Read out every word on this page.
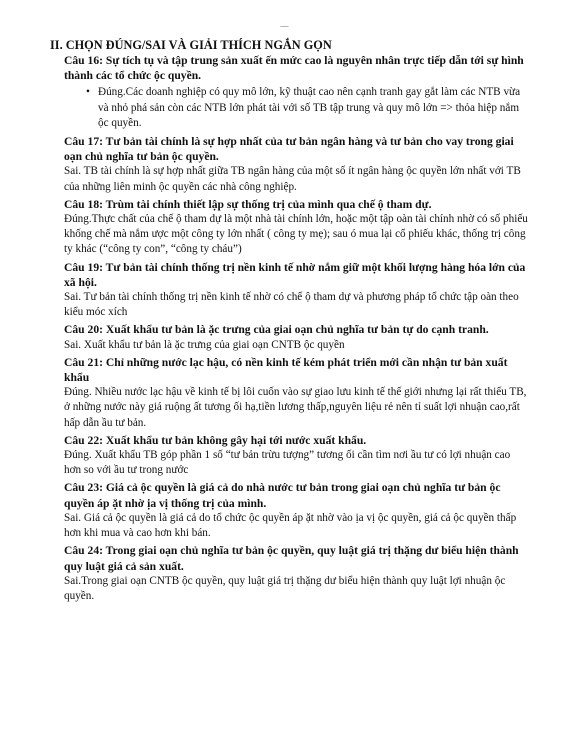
—
II. CHỌN ĐÚNG/SAI VÀ GIẢI THÍCH NGẮN GỌN

Câu 16: Sự tích tụ và tập trung sản xuất ến mức cao là nguyên nhân trực tiếp dẫn tới sự hình thành các tổ chức ộc quyền.

• Đúng.Các doanh nghiệp có quy mô lớn, kỹ thuật cao nên cạnh tranh gay gắt làm các NTB vừa và nhỏ phá sản còn các NTB lớn phát tài với số TB tập trung và quy mô lớn => thỏa hiệp nắm ộc quyền.

Câu 17: Tư bản tài chính là sự hợp nhất của tư bản ngân hàng và tư bản cho vay trong giai oạn chủ nghĩa tư bản ộc quyền.

Sai. TB tài chính là sự hợp nhất giữa TB ngân hàng của một số ít ngân hàng ộc quyền lớn nhất với TB của những liên minh ộc quyền các nhà công nghiệp.

Câu 18: Trùm tài chính thiết lập sự thống trị của mình qua chế ộ tham dự.

Đúng.Thực chất của chế ộ tham dự là một nhà tài chính lớn, hoặc một tập oàn tài chính nhờ có số phiếu khống chế mà nắm ược một công ty lớn nhất ( công ty mẹ); sau ó mua lại cổ phiếu khác, thống trị công ty khác (“công ty con”, “công ty cháu”)

Câu 19: Tư bản tài chính thống trị nền kinh tế nhờ nắm giữ một khối lượng hàng hóa lớn của xã hội.

Sai. Tư bản tài chính thống trị nền kinh tế nhờ có chế ộ tham dự và phương pháp tổ chức tập oàn theo kiểu móc xích

Câu 20: Xuất khẩu tư bản là ặc trưng của giai oạn chủ nghĩa tư bản tự do cạnh tranh.

Sai. Xuất khẩu tư bản là ặc trưng của giai oạn CNTB ộc quyền

Câu 21: Chỉ những nước lạc hậu, có nền kinh tế kém phát triển mới cần nhận tư bản xuất khẩu

Đúng. Nhiều nước lạc hậu về kinh tế bị lôi cuốn vào sự giao lưu kinh tế thế giới nhưng lại rất thiếu TB, ở những nước này giá ruộng ất tương ối hạ,tiền lương thấp,nguyên liệu rẻ nên tỉ suất lợi nhuận cao,rất hấp dẫn ầu tư bản.

Câu 22: Xuất khẩu tư bản không gây hại tới nước xuất khẩu.

Đúng. Xuất khẩu TB góp phần 1 số “tư bản trừu tượng” tương ối cần tìm nơi ầu tư có lợi nhuận cao hơn so với ầu tư trong nước

Câu 23: Giá cả ộc quyền là giá cả do nhà nước tư bản trong giai oạn chủ nghĩa tư bản ộc quyền áp ặt nhờ ịa vị thống trị của mình.

Sai. Giá cả ộc quyền là giá cả do tổ chức ộc quyền áp ặt nhờ vào ịa vị ộc quyền, giá cả ộc quyền thấp hơn khi mua và cao hơn khi bán.

Câu 24: Trong giai oạn chủ nghĩa tư bản ộc quyền, quy luật giá trị thặng dư biểu hiện thành quy luật giá cả sản xuất.

Sai.Trong giai oạn CNTB ộc quyền, quy luật giá trị thặng dư biểu hiện thành quy luật lợi nhuận ộc quyền.
